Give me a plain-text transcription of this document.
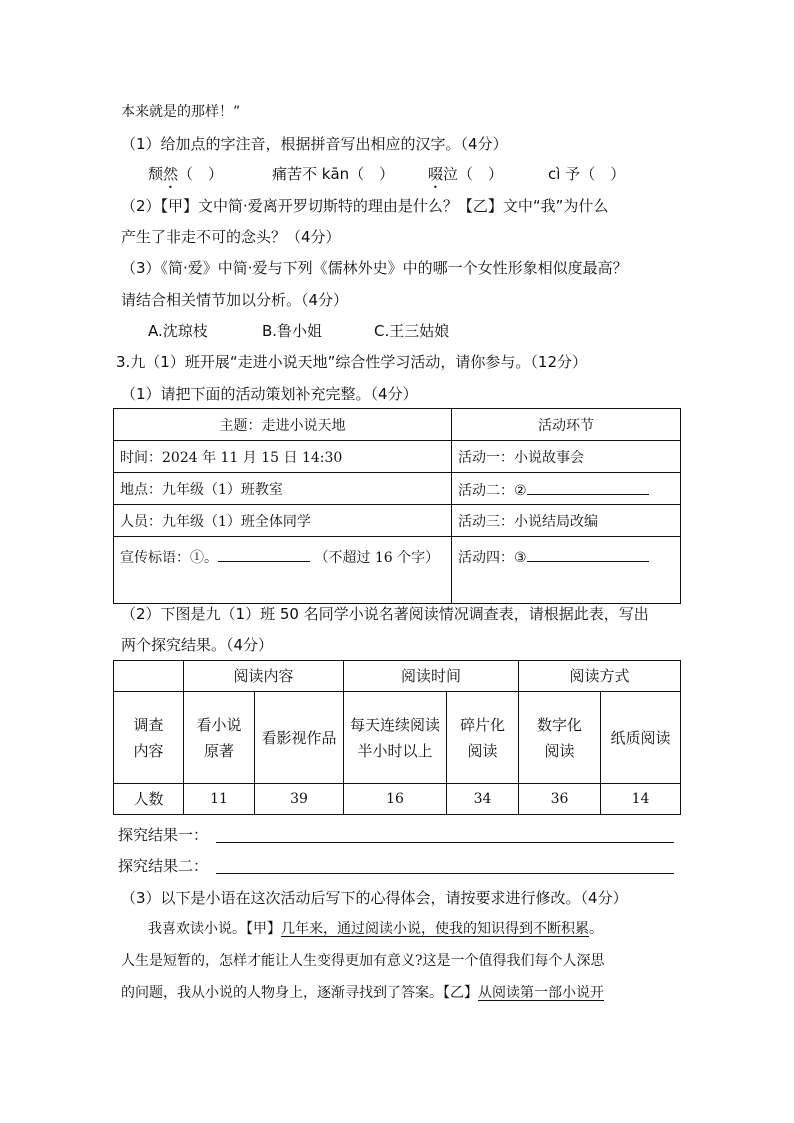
本来就是的那样！”
（1）给加点的字注音，根据拼音写出相应的汉字。（4分）
颓然（　）	痛苦不 kān（　） 啜泣（　）	cì 予（　）
（2）【甲】文中简·爱离开罗切斯特的理由是什么？【乙】文中“我”为什么
产生了非走不可的念头？（4分）
（3）《简·爱》中简·爱与下列《儒林外史》中的哪一个女性形象相似度最高？
请结合相关情节加以分析。（4分）
A.沈琼枝	B.鲁小姐	C.王三姑娘
3.九（1）班开展“走进小说天地”综合性学习活动，请你参与。（12分）
（1）请把下面的活动策划补充完整。（4分）
主题：走进小说天地	活动环节
时间：2024 年 11 月 15 日 14:30	活动一：小说故事会
地点：九年级（1）班教室	活动二：②
人员：九年级（1）班全体同学	活动三：小说结局改编
宣传标语：①。 （不超过 16 个字）	活动四：③
（2）下图是九（1）班 50 名同学小说名著阅读情况调查表，请根据此表，写出
两个探究结果。（4分）
	阅读内容		阅读时间		阅读方式	

调查内容	看小说原著	看影视作品	每天连续阅读半小时以上	碎片化阅读	数字化阅读	纸质阅读

人数	11	39	16	34	36	14
探究结果一：
探究结果二：
（3）以下是小语在这次活动后写下的心得体会，请按要求进行修改。（4分）
我喜欢读小说。【甲】几年来，通过阅读小说，使我的知识得到不断积累。
人生是短暂的，怎样才能让人生变得更加有意义?这是一个值得我们每个人深思
的问题，我从小说的人物身上，逐渐寻找到了答案。【乙】从阅读第一部小说开
